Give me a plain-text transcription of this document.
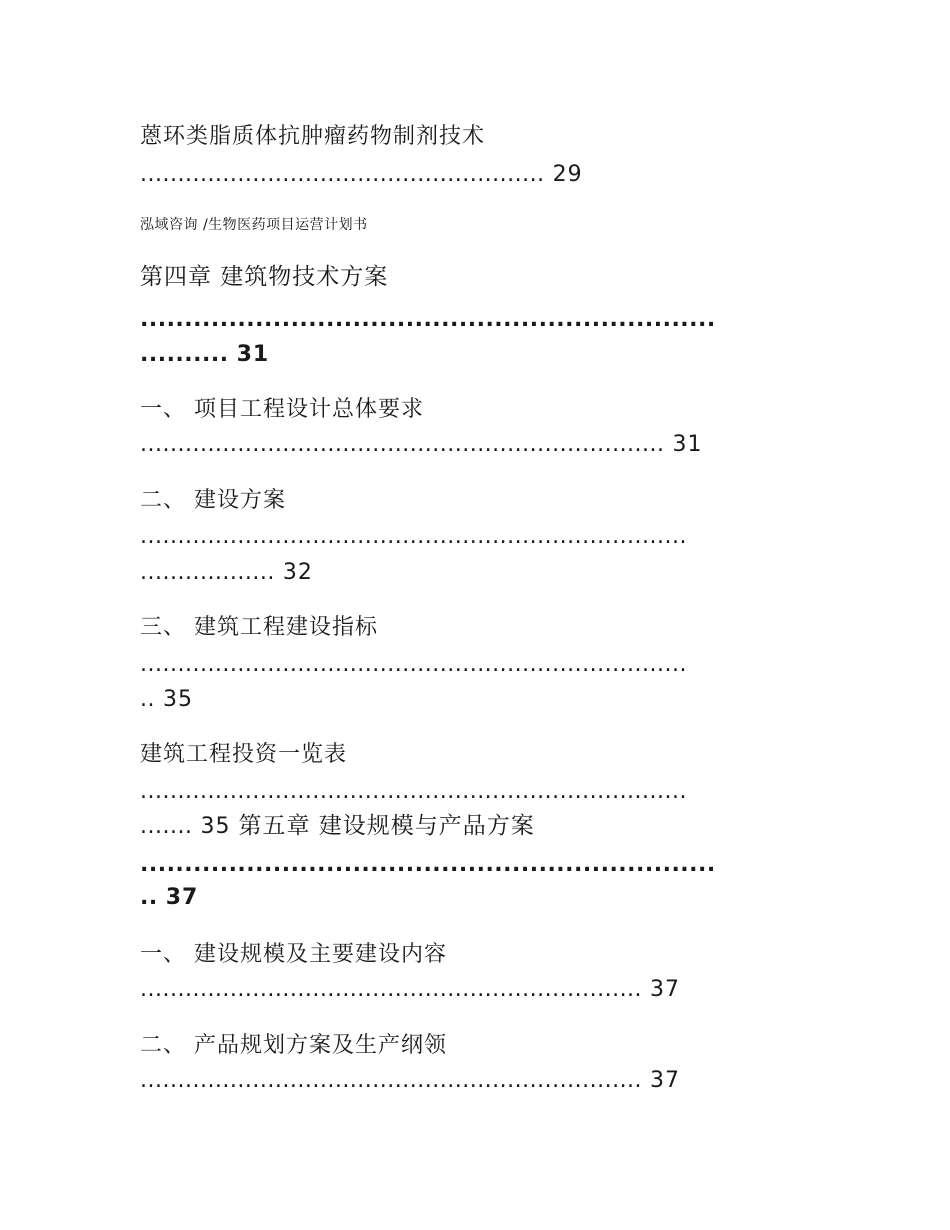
蒽环类脂质体抗肿瘤药物制剂技术
...................................................... 29
泓域咨询 /生物医药项目运营计划书
第四章 建筑物技术方案
.................................................................
.......... 31
一、 项目工程设计总体要求
...................................................................... 31
二、 建设方案
.........................................................................
.................. 32
三、 建筑工程建设指标
.........................................................................
.. 35
建筑工程投资一览表
.........................................................................
....... 35 第五章 建设规模与产品方案
.................................................................
.. 37
一、 建设规模及主要建设内容
................................................................... 37
二、 产品规划方案及生产纲领
................................................................... 37
